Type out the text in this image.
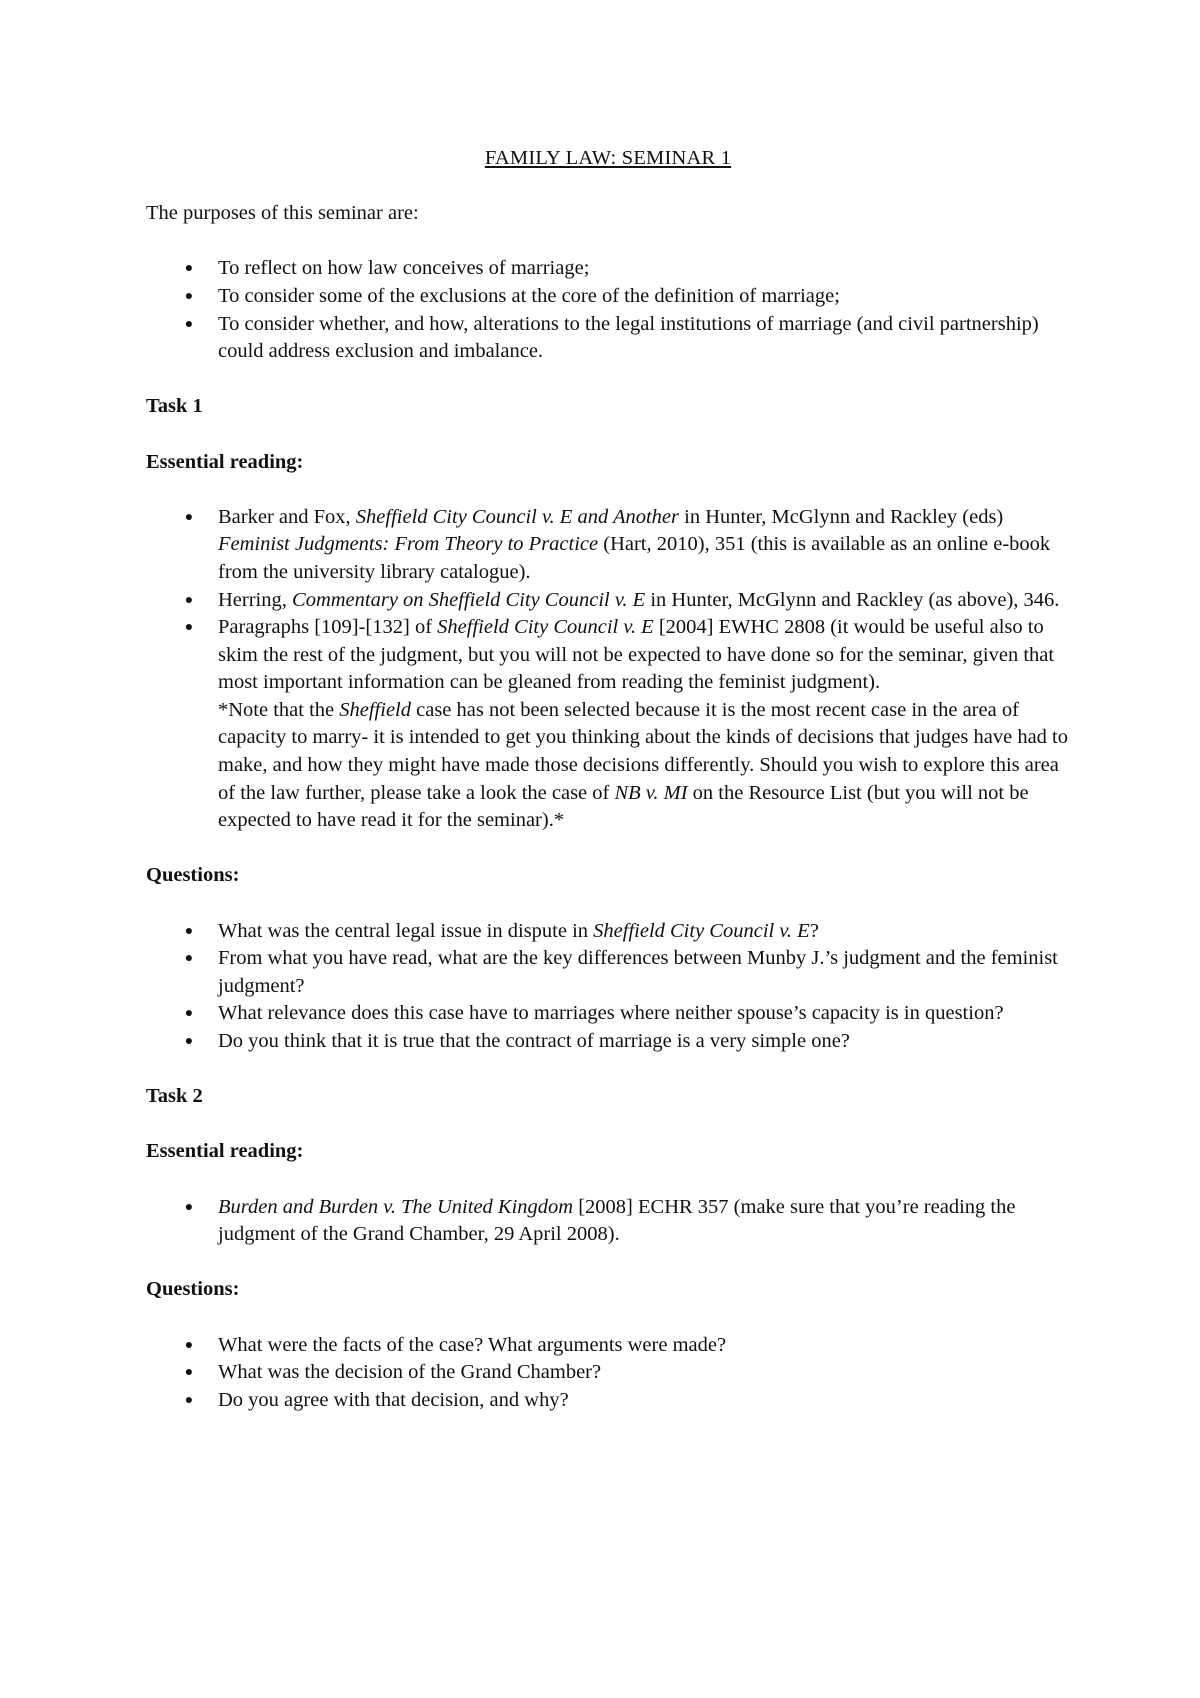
FAMILY LAW: SEMINAR 1

The purposes of this seminar are:

● To reflect on how law conceives of marriage;
● To consider some of the exclusions at the core of the definition of marriage;
● To consider whether, and how, alterations to the legal institutions of marriage (and civil partnership) could address exclusion and imbalance.

Task 1

Essential reading:

● Barker and Fox, Sheffield City Council v. E and Another in Hunter, McGlynn and Rackley (eds) Feminist Judgments: From Theory to Practice (Hart, 2010), 351 (this is available as an online e-book from the university library catalogue).
● Herring, Commentary on Sheffield City Council v. E in Hunter, McGlynn and Rackley (as above), 346.
● Paragraphs [109]-[132] of Sheffield City Council v. E [2004] EWHC 2808 (it would be useful also to skim the rest of the judgment, but you will not be expected to have done so for the seminar, given that most important information can be gleaned from reading the feminist judgment).
*Note that the Sheffield case has not been selected because it is the most recent case in the area of capacity to marry- it is intended to get you thinking about the kinds of decisions that judges have had to make, and how they might have made those decisions differently. Should you wish to explore this area of the law further, please take a look the case of NB v. MI on the Resource List (but you will not be expected to have read it for the seminar).*

Questions:

● What was the central legal issue in dispute in Sheffield City Council v. E?
● From what you have read, what are the key differences between Munby J.’s judgment and the feminist judgment?
● What relevance does this case have to marriages where neither spouse’s capacity is in question?
● Do you think that it is true that the contract of marriage is a very simple one?

Task 2

Essential reading:

● Burden and Burden v. The United Kingdom [2008] ECHR 357 (make sure that you’re reading the judgment of the Grand Chamber, 29 April 2008).

Questions:

● What were the facts of the case? What arguments were made?
● What was the decision of the Grand Chamber?
● Do you agree with that decision, and why?
